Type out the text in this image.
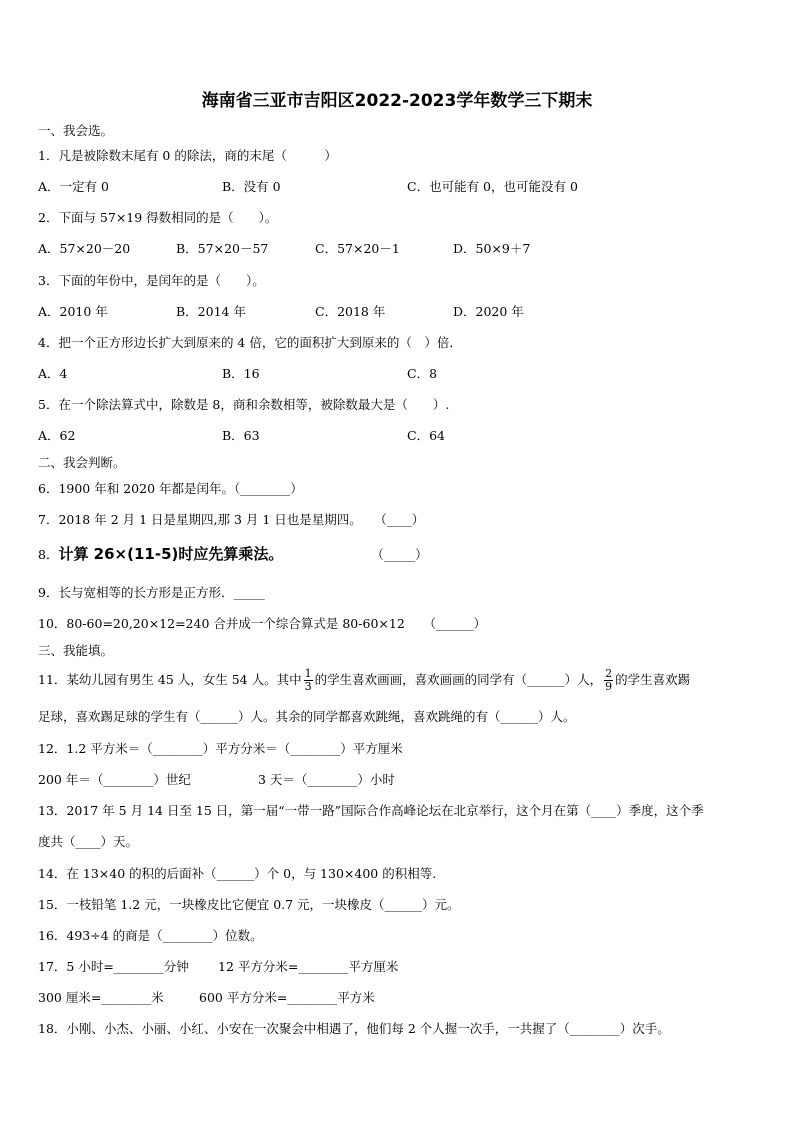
海南省三亚市吉阳区2022-2023学年数学三下期末
一、我会选。
1．凡是被除数末尾有 0 的除法，商的末尾（　　　）
A．一定有 0	B．没有 0	C．也可能有 0，也可能没有 0
2．下面与 57×19 得数相同的是（　　）。
A．57×20－20	B．57×20－57	C．57×20－1	D．50×9＋7
3．下面的年份中，是闰年的是（　　）。
A．2010 年	B．2014 年	C．2018 年	D．2020 年
4．把一个正方形边长扩大到原来的 4 倍，它的面积扩大到原来的（　）倍．
A．4	B．16	C．8
5．在一个除法算式中，除数是 8，商和余数相等，被除数最大是（　　）.
A．62	B．63	C．64
二、我会判断。
6．1900 年和 2020 年都是闰年。（________）
7．2018 年 2 月 1 日是星期四,那 3 月 1 日也是星期四。　　（____）
8．计算 26×(11-5)时应先算乘法。	（_____）
9．长与宽相等的长方形是正方形．_____
10．80-60=20,20×12=240 合并成一个综合算式是 80-60×12　　（______）
三、我能填。
11．某幼儿园有男生 45 人，女生 54 人。其中 $\frac{1}{3}$ 的学生喜欢画画，喜欢画画的同学有（______）人， $\frac{2}{9}$ 的学生喜欢踢
足球，喜欢踢足球的学生有（______）人。其余的同学都喜欢跳绳，喜欢跳绳的有（______）人。
12．1.2 平方米＝（________）平方分米＝（________）平方厘米
200 年＝（________）世纪	3 天＝（________）小时
13．2017 年 5 月 14 日至 15 日，第一届“一带一路”国际合作高峰论坛在北京举行，这个月在第（____）季度，这个季
度共（____）天。
14．在 13×40 的积的后面补（______）个 0，与 130×400 的积相等.
15．一枝铅笔 1.2 元，一块橡皮比它便宜 0.7 元，一块橡皮（______）元。
16．493÷4 的商是（________）位数。
17．5 小时=________分钟 12 平方分米=________平方厘米
300 厘米=________米	600 平方分米=________平方米
18．小刚、小杰、小丽、小红、小安在一次聚会中相遇了，他们每 2 个人握一次手，一共握了（________）次手。
